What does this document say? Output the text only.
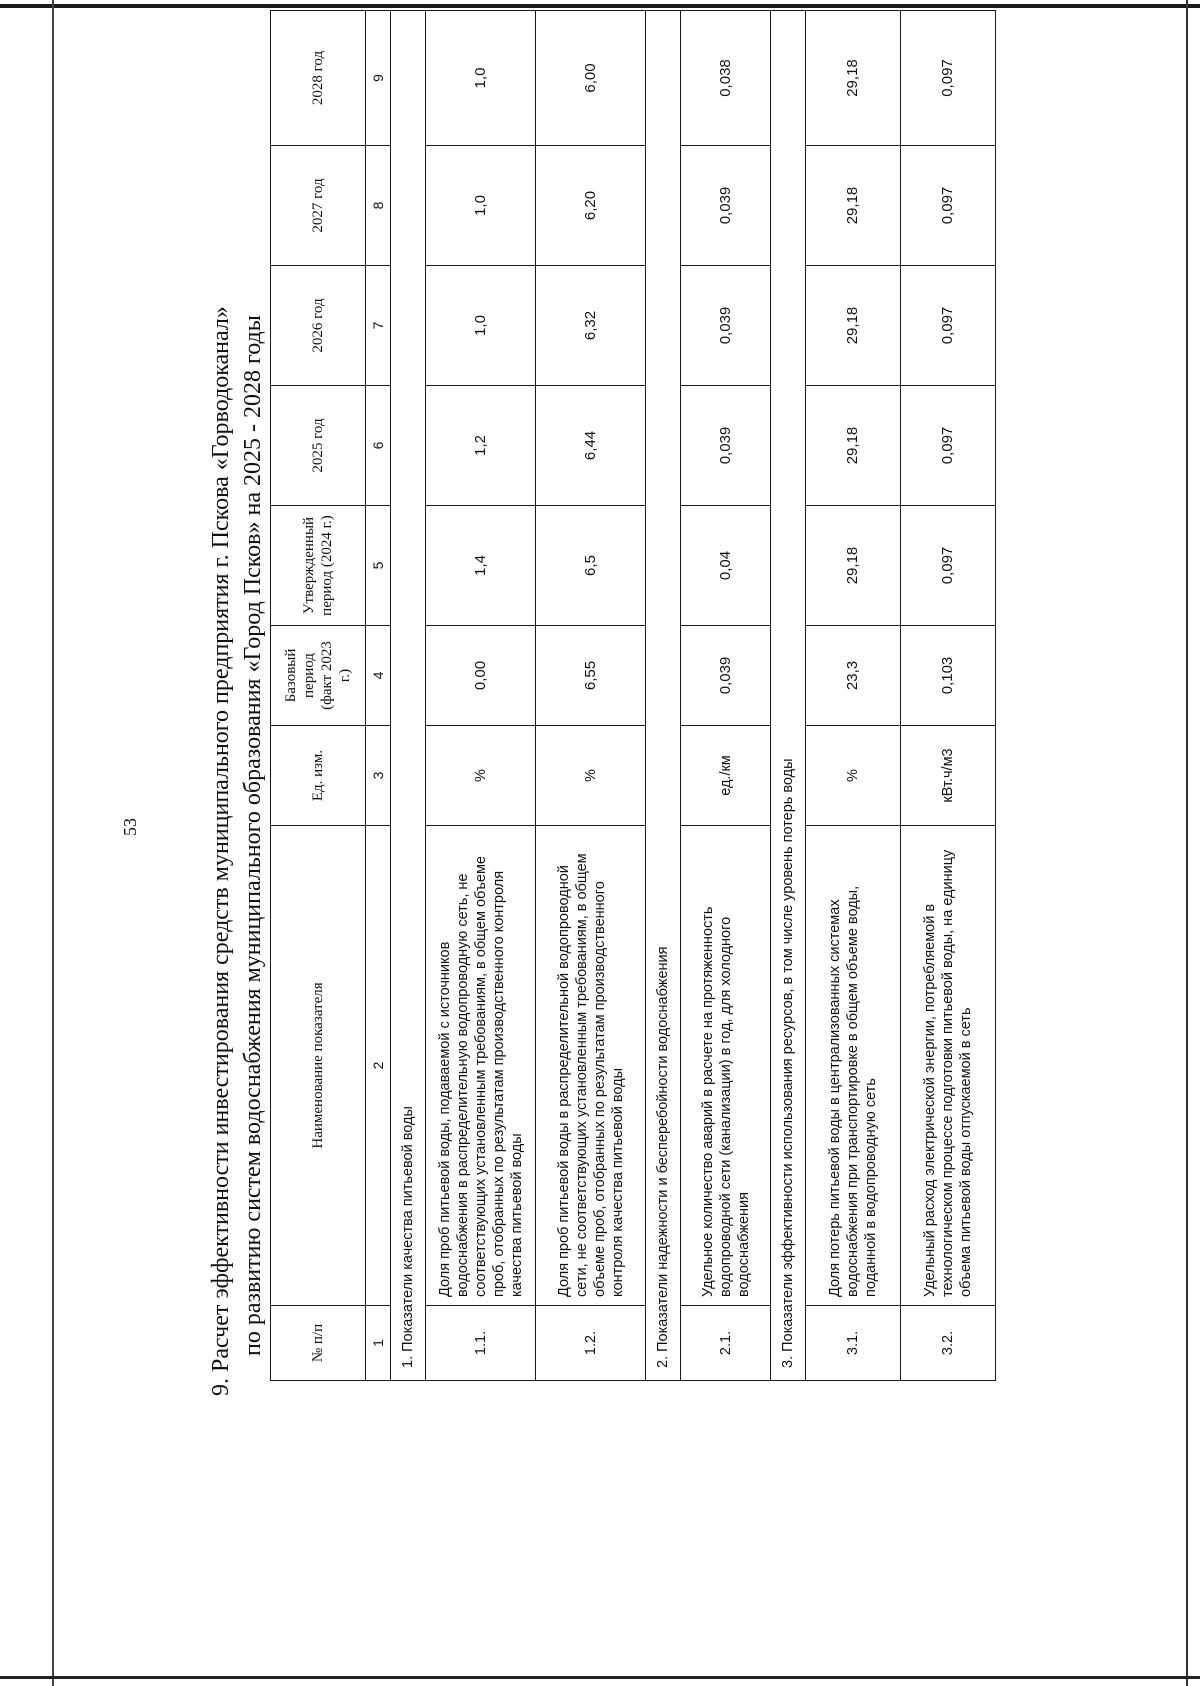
53	9. Расчет эффективности инвестирования средств муниципального предприятия г. Пскова «Горводоканал» по развитию систем водоснабжения муниципального образования «Город Псков» на 2025 - 2028 годы	№ п/п	Наименование показателя	Ед. изм.	Базовый период (факт 2023 г.)	Утвержденный период (2024 г.)	2025 год	2026 год	2027 год	2028 год
1	2	3	4	5	6	7	8	9
1. Показатели качества питьевой воды								
1.1.	Доля проб питьевой воды, подаваемой с источников водоснабжения в распределительную водопроводную сеть, не соответствующих установленным требованиям, в общем объеме проб, отобранных по результатам производственного контроля качества питьевой воды	%	0,00	1,4	1,2	1,0	1,0	1,0
1.2.	Доля проб питьевой воды в распределительной водопроводной сети, не соответствующих установленным требованиям, в общем объеме проб, отобранных по результатам производственного контроля качества питьевой воды	%	6,55	6,5	6,44	6,32	6,20	6,00
2. Показатели надежности и бесперебойности водоснабжения								
2.1.	Удельное количество аварий в расчете на протяженность водопроводной сети (канализации) в год, для холодного водоснабжения	ед./км	0,039	0,04	0,039	0,039	0,039	0,038
3. Показатели эффективности использования ресурсов, в том числе уровень потерь воды								
3.1.	Доля потерь питьевой воды в централизованных системах водоснабжения при транспортировке в общем объеме воды, поданной в водопроводную сеть	%	23,3	29,18	29,18	29,18	29,18	29,18
3.2.	Удельный расход электрической энергии, потребляемой в технологическом процессе подготовки питьевой воды, на единицу объема питьевой воды отпускаемой в сеть	кВт.ч/м3	0,103	0,097	0,097	0,097	0,097	0,097
